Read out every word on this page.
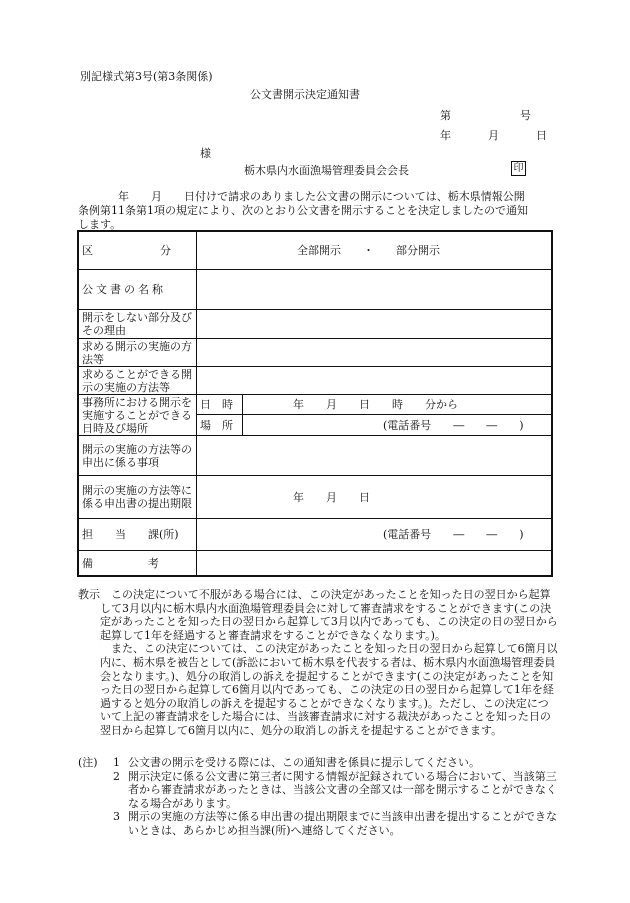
別記様式第3号(第3条関係)
公文書開示決定通知書
第　　　　号
年　　月　　日
様
栃木県内水面漁場管理委員会会長	印
年　　月　　日付けで請求のありました公文書の開示については、栃木県情報公開
条例第11条第1項の規定により、次のとおり公文書を開示することを決定しましたので通知
します。
区　　　　　分	全部開示　　・　　部分開示	
公文書の名称		
開示をしない部分及びその理由		
求める開示の実施の方法等		
求めることができる開示の実施の方法等		
事務所における開示を実施することができる日時及び場所	日　時	年　　月　　日　　時　　分から
	場　所	(電話番号　　―　　―　　)
開示の実施の方法等の申出に係る事項		
開示の実施の方法等に係る申出書の提出期限	年　　月　　日	
担　　当　　課(所)	(電話番号　　―　　―　　)	
備　　　　　考		

教示　 この決定について不服がある場合には、この決定があったことを知った日の翌日から起算して3月以内に栃木県内水面漁場管理委員会に対して審査請求をすることができます(この決定があったことを知った日の翌日から起算して3月以内であっても、この決定の日の翌日から起算して1年を経過すると審査請求をすることができなくなります。)。

また、この決定については、この決定があったことを知った日の翌日から起算して6箇月以内に、栃木県を被告として(訴訟において栃木県を代表する者は、栃木県内水面漁場管理委員会となります。)、処分の取消しの訴えを提起することができます(この決定があったことを知った日の翌日から起算して6箇月以内であっても、この決定の日の翌日から起算して1年を経過すると処分の取消しの訴えを提起することができなくなります。)。ただし、この決定について上記の審査請求をした場合には、当該審査請求に対する裁決があったことを知った日の翌日から起算して6箇月以内に、処分の取消しの訴えを提起することができます。

(注)	1 公文書の開示を受ける際には、この通知書を係員に提示してください。
2 開示決定に係る公文書に第三者に関する情報が記録されている場合において、当該第三者から審査請求があったときは、当該公文書の全部又は一部を開示することができなくなる場合があります。
3 開示の実施の方法等に係る申出書の提出期限までに当該申出書を提出することができないときは、あらかじめ担当課(所)へ連絡してください。
